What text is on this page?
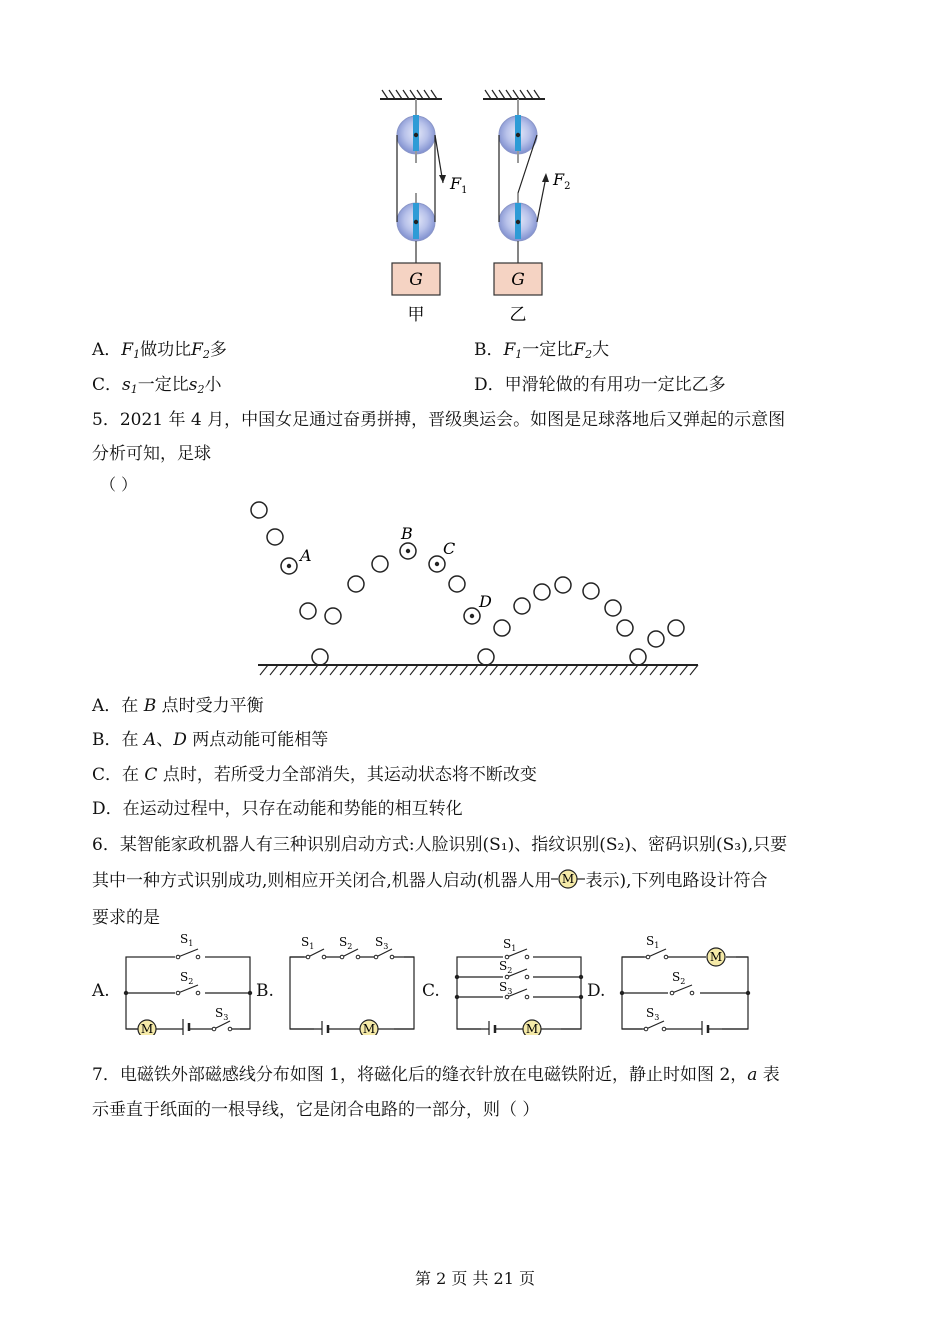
$F_1$
$F_2$
G	G
甲	乙
A．$F_1$做功比$F_2$多	B．$F_1$一定比$F_2$大
C．$s_1$一定比$s_2$小	D．甲滑轮做的有用功一定比乙多
5．2021 年 4 月，中国女足通过奋勇拼搏，晋级奥运会。如图是足球落地后又弹起的示意图
分析可知，足球
（ ）
A
B
C
D
A．在 B 点时受力平衡
B．在 A、D 两点动能可能相等
C．在 C 点时，若所受力全部消失，其运动状态将不断改变
D．在运动过程中，只存在动能和势能的相互转化
6．某智能家政机器人有三种识别启动方式:人脸识别(S₁)、指纹识别(S₂)、密码识别(S₃),只要
其中一种方式识别成功,则相应开关闭合,机器人启动(机器人用 M 表示),下列电路设计符合
要求的是
A.	B.	C.	D.
M
$S_1$
$S_2$
$S_3$
M
$S_1$ $S_2$ $S_3$
M
$S_1$
$S_2$
$S_3$
M
$S_1$
$S_2$
$S_3$
7．电磁铁外部磁感线分布如图 1，将磁化后的缝衣针放在电磁铁附近，静止时如图 2，a 表
示垂直于纸面的一根导线，它是闭合电路的一部分，则（ ）
第 2 页 共 21 页
